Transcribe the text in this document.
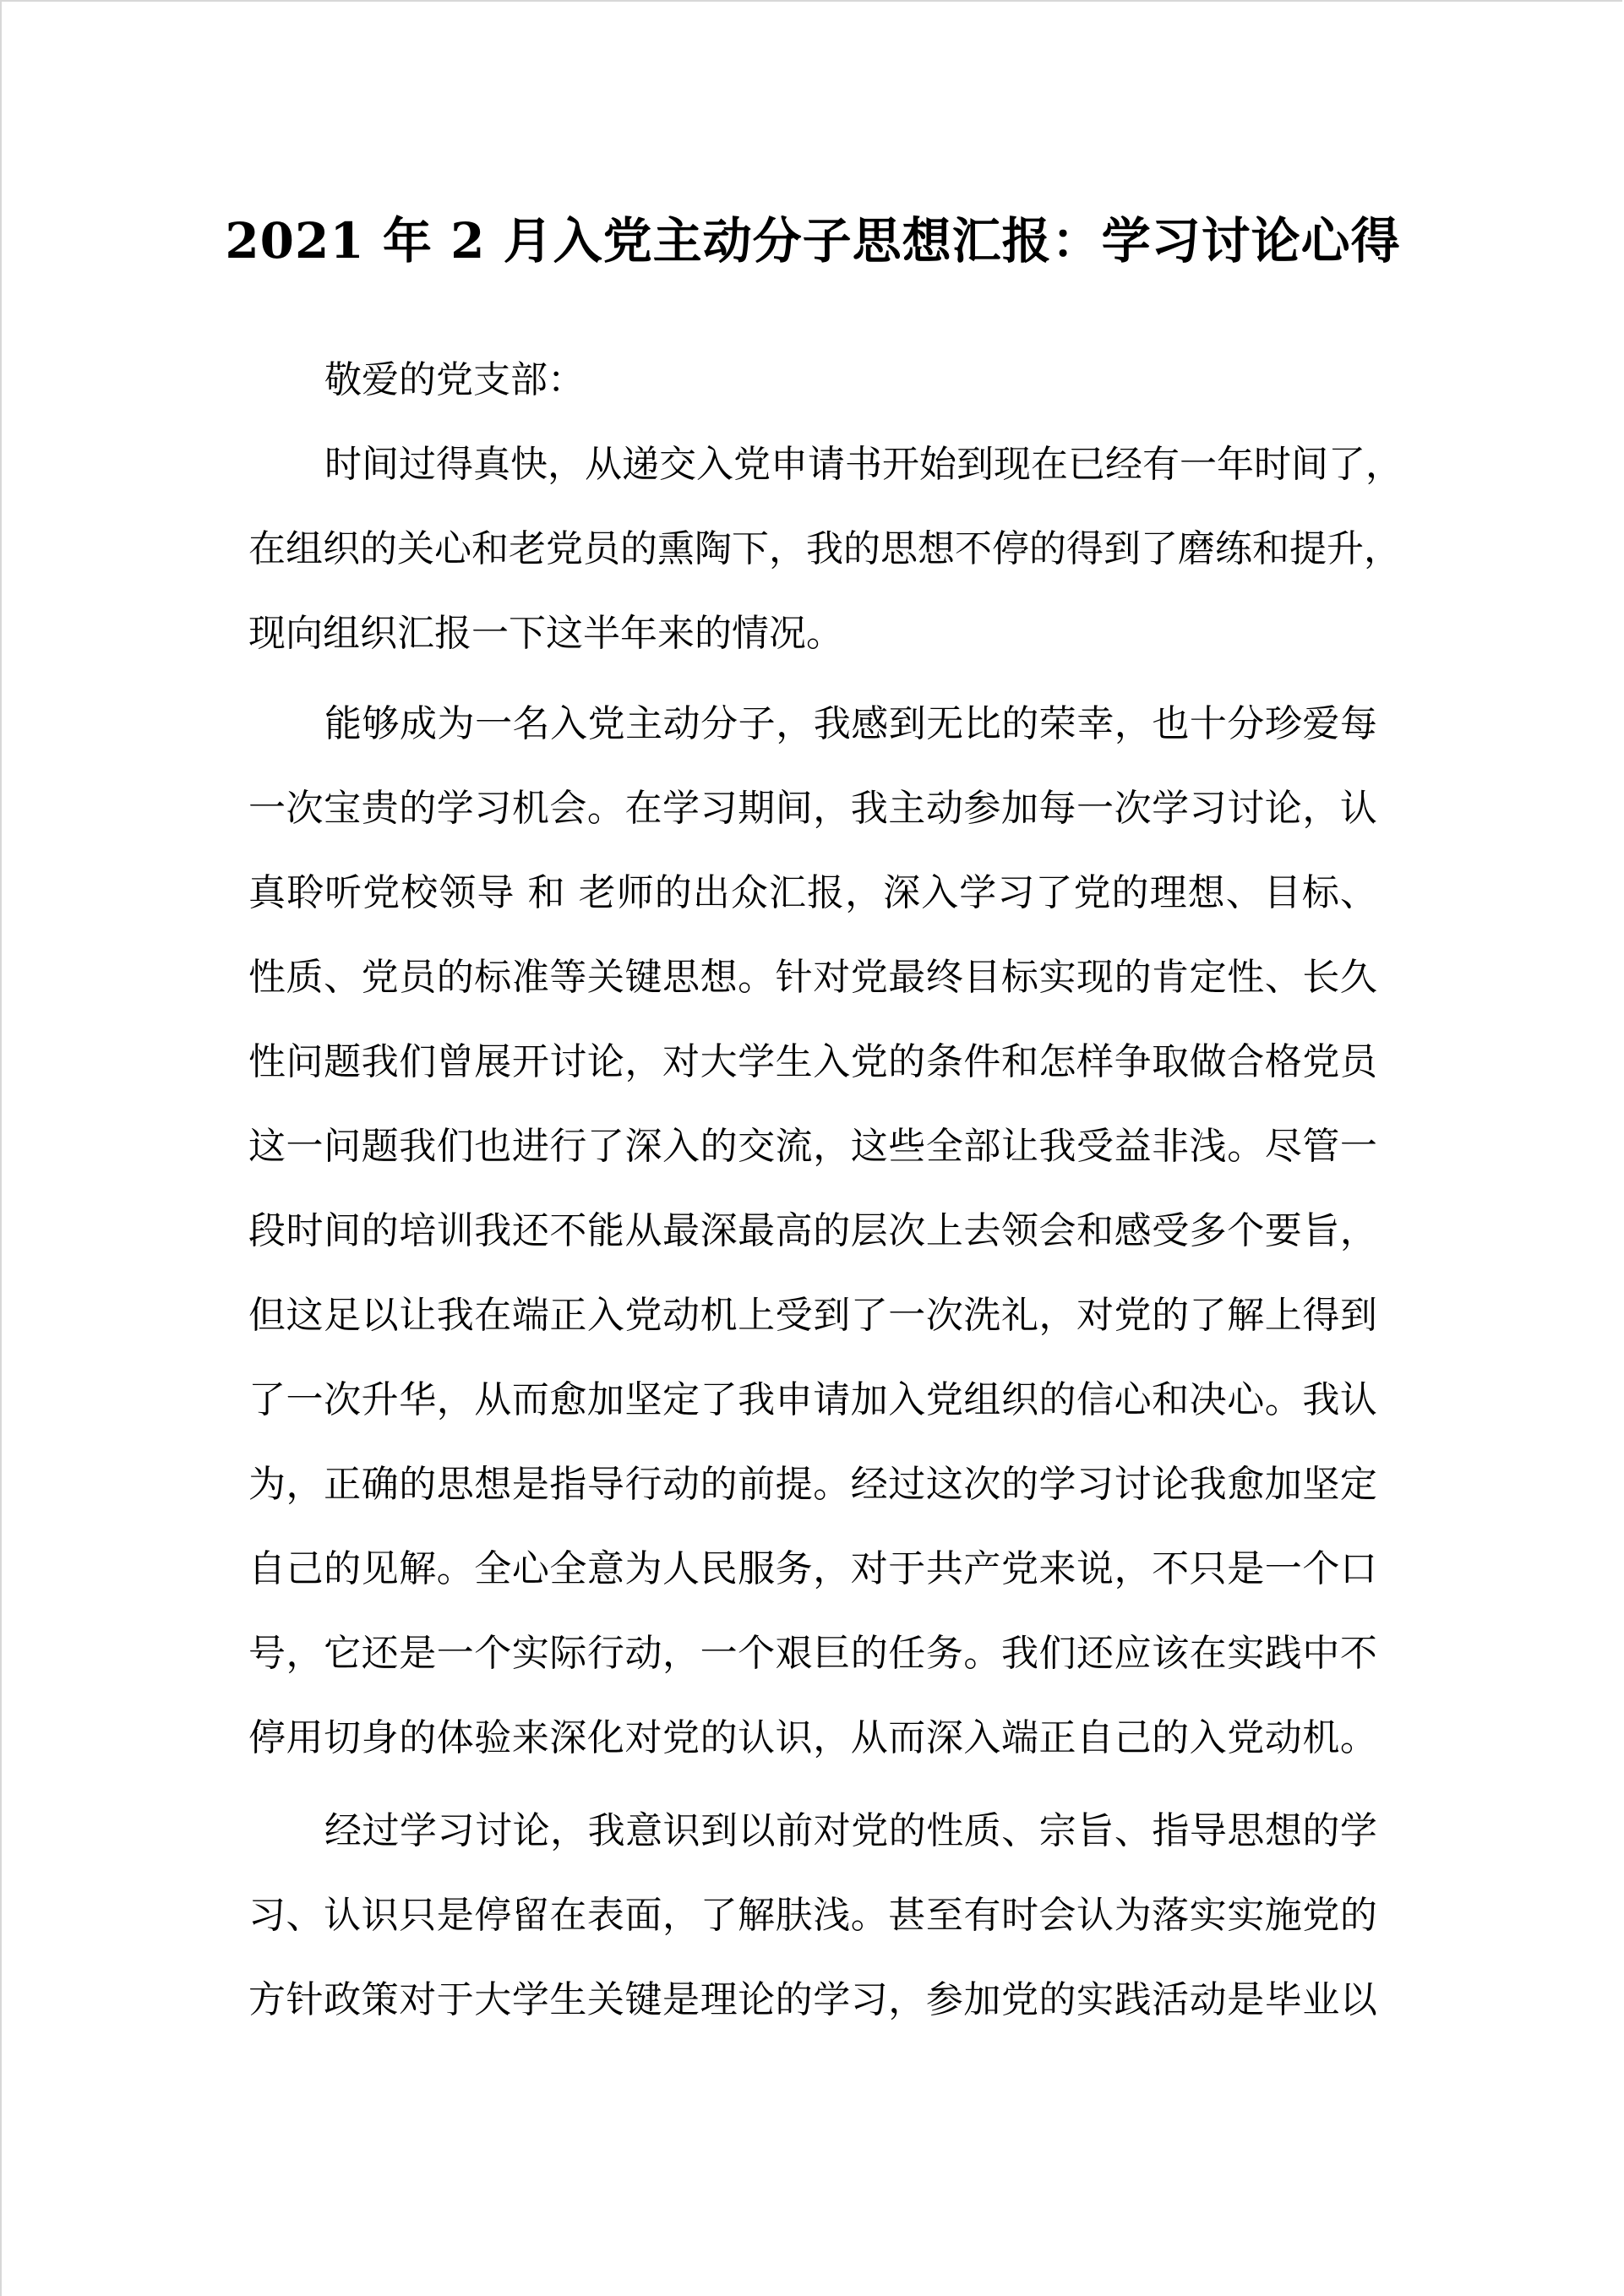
2021 年 2 月入党主动分子思想汇报：学习讨论心得
敬爱的党支部：
时 间 过 得 真 快 ， 从 递 交 入 党 申 请 书 开 始 到 现 在 已 经 有 一 年 时 间 了 ，
在 组 织 的 关 心 和 老 党 员 的 熏 陶 下 ， 我 的 思 想 不 停 的 得 到 了 磨 练 和 提 升 ，
现向组织汇报一下这半年来的情况。
能 够 成 为 一 名 入 党 主 动 分 子 ， 我 感 到 无 比 的 荣 幸 ， 也 十 分 珍 爱 每
一 次 宝 贵 的 学 习 机 会 。 在 学 习 期 间 ， 我 主 动 参 加 每 一 次 学 习 讨 论 ， 认
真 聆 听 党 校 领 导
和
老 师 的 出 众 汇 报 ， 深 入 学 习 了 党 的 理 想 、 目 标 、
性 质 、 党 员 的 标 准 等 关 键 思 想 。 针 对 党 最 终 目 标 实 现 的 肯 定 性 、 长 久
性 问 题 我 们 曾 展 开 讨 论 ， 对 大 学 生 入 党 的 条 件 和 怎 样 争 取 做 合 格 党 员
这 一 问 题 我 们 也 进 行 了 深 入 的 交 流 ， 这 些 全 部 让 我 受 益 非 浅 。 尽 管 一
段 时 间 的 培 训 我 还 不 能 从 最 深 最 高 的 层 次 上 去 领 会 和 感 受 多 个 要 旨 ，
但 这 足 以 让 我 在 端 正 入 党 动 机 上 受 到 了 一 次 洗 礼 ， 对 党 的 了 解 上 得 到
了 一 次 升 华 ， 从 而 愈 加 坚 定 了 我 申 请 加 入 党 组 织 的 信 心 和 决 心 。 我 认
为 ， 正 确 的 思 想 是 指 导 行 动 的 前 提 。 经 过 这 次 的 学 习 讨 论 我 愈 加 坚 定
自 己 的 见 解 。 全 心 全 意 为 人 民 服 务 ， 对 于 共 产 党 来 说 ， 不 只 是 一 个 口
号 ， 它 还 是 一 个 实 际 行 动 ， 一 个 艰 巨 的 任 务 。 我 们 还 应 该 在 实 践 中 不
停 用 切 身 的 体 验 来 深 化 对 党 的 认 识 ， 从 而 深 入 端 正 自 己 的 入 党 动 机 。
经 过 学 习 讨 论 ， 我 意 识 到 以 前 对 党 的 性 质 、 宗 旨 、 指 导 思 想 的 学
习 、 认 识 只 是 停 留 在 表 面 ， 了 解 肤 浅 。 甚 至 有 时 会 认 为 落 实 实 施 党 的
方 针 政 策 对 于 大 学 生 关 键 是 理 论 的 学 习 ， 参 加 党 的 实 践 活 动 是 毕 业 以
